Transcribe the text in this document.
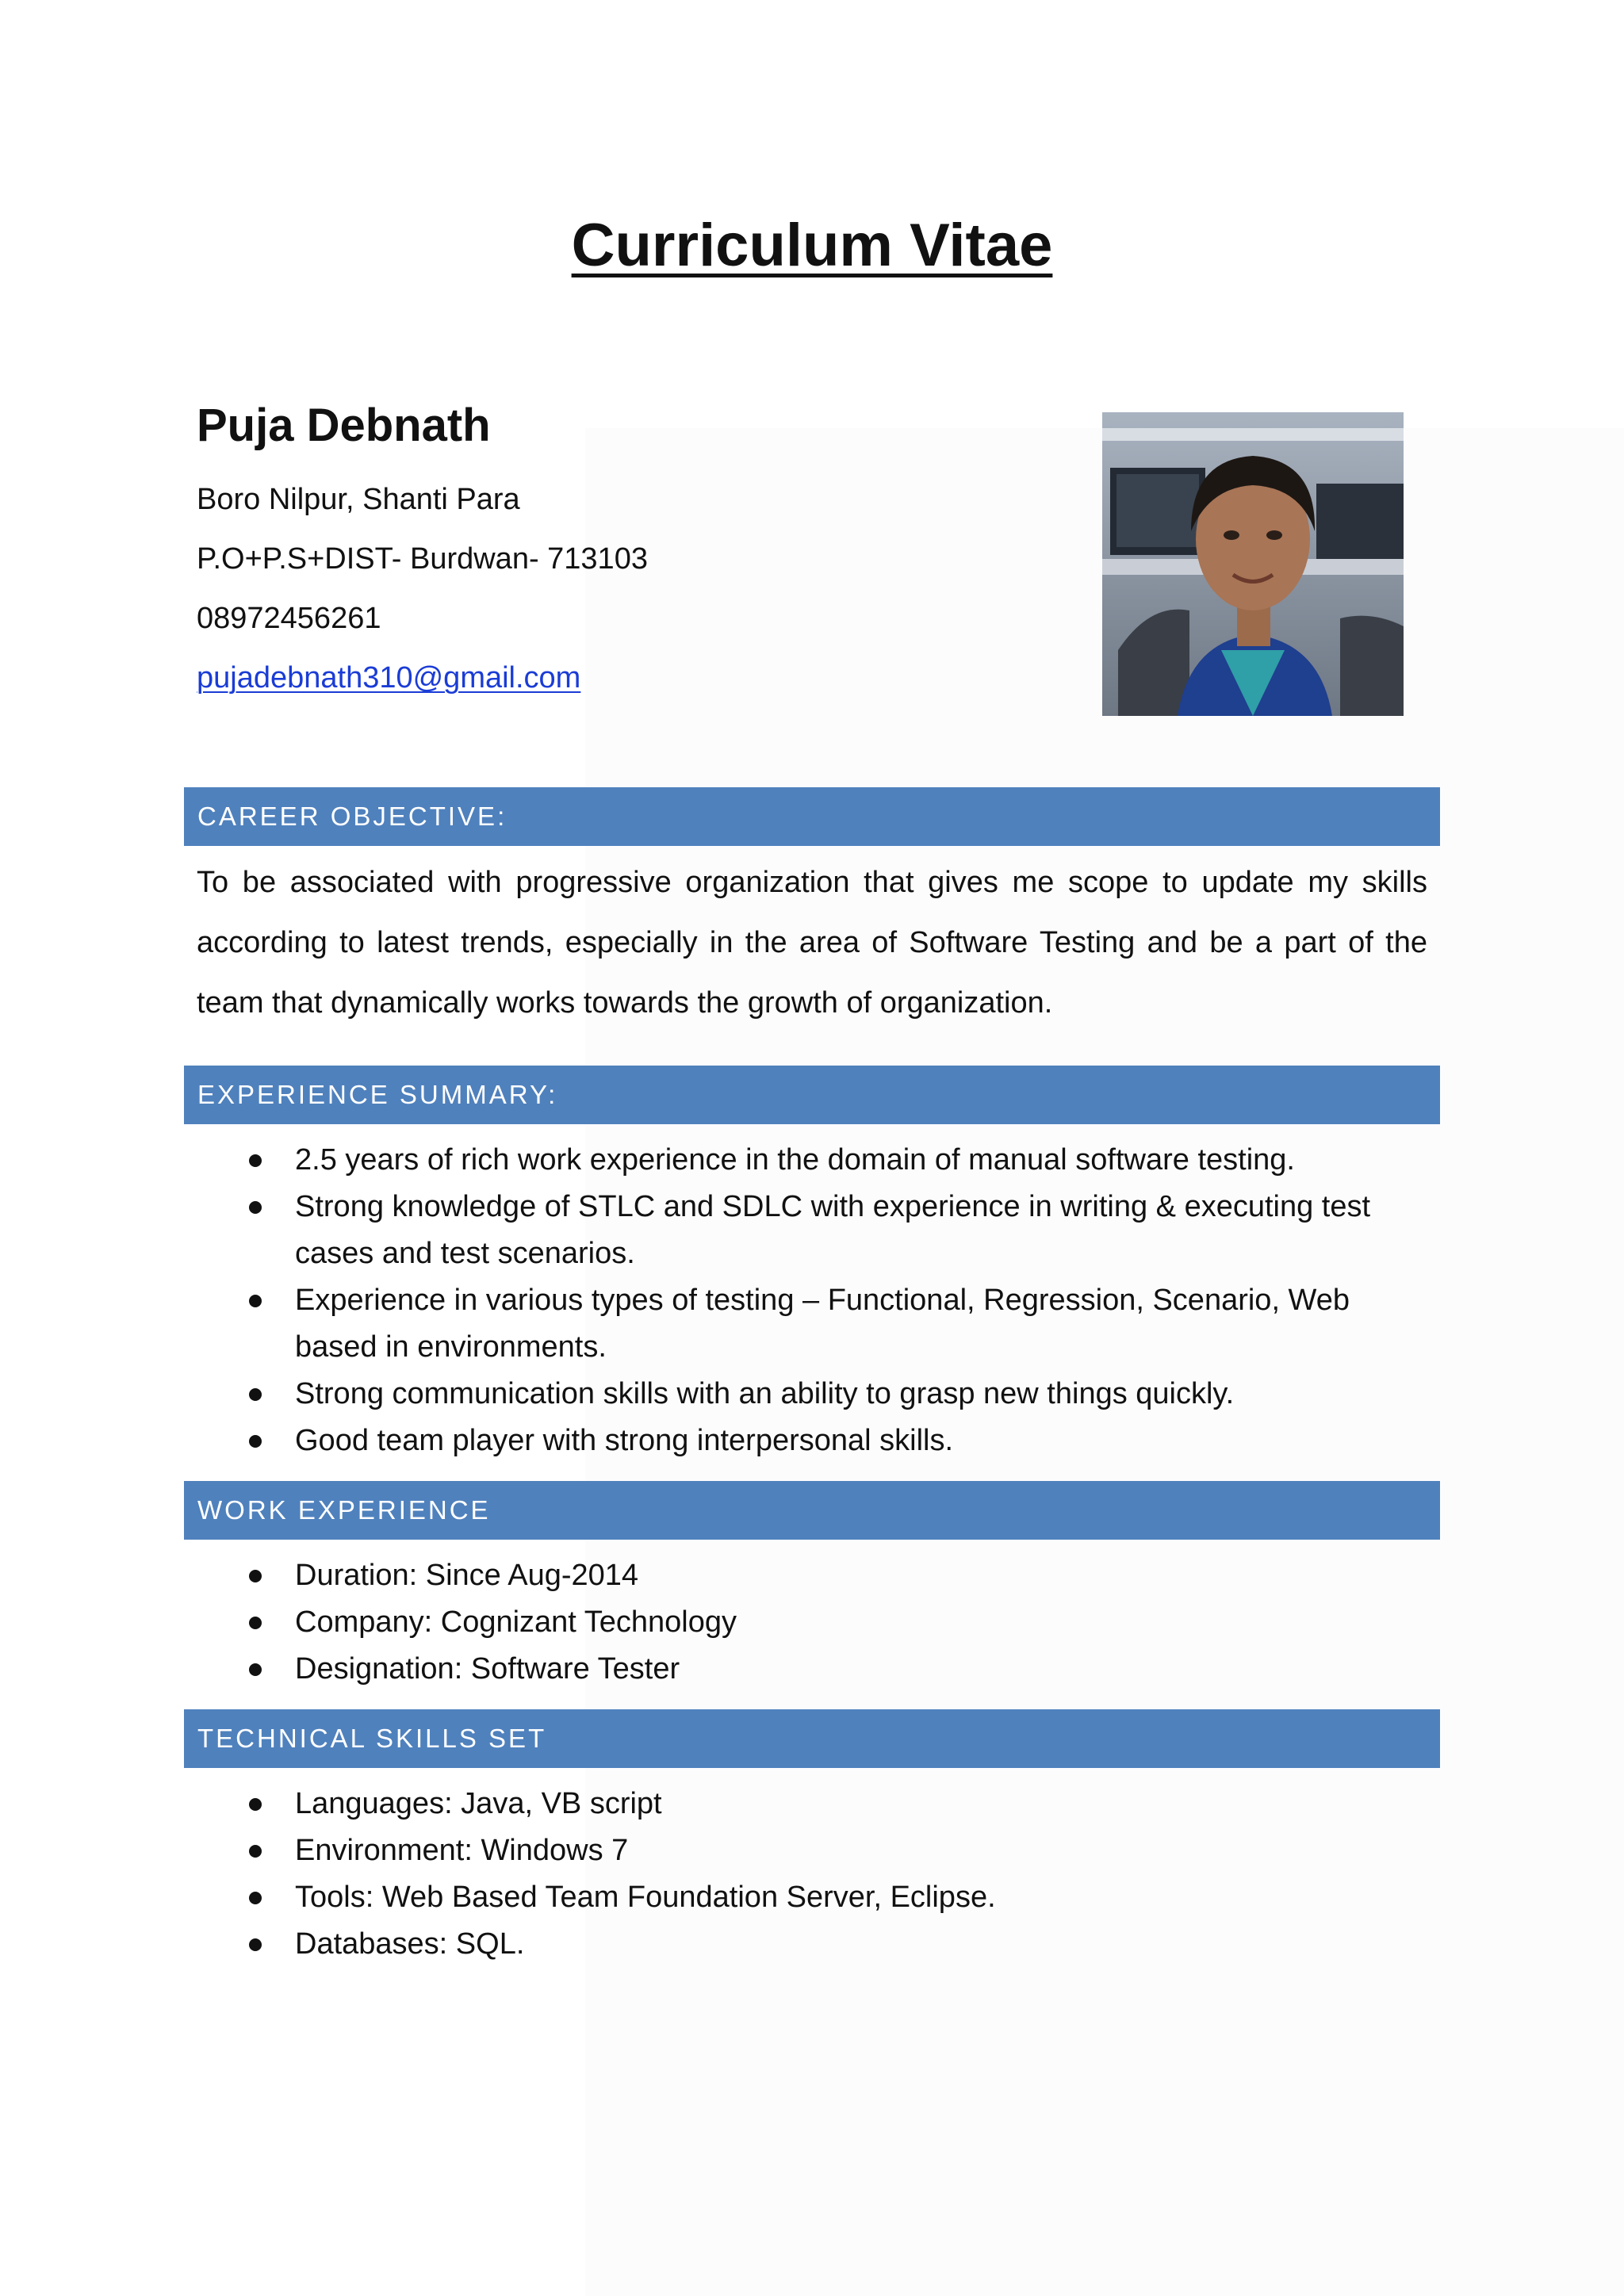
Curriculum Vitae
Puja Debnath
Boro Nilpur, Shanti Para
P.O+P.S+DIST- Burdwan- 713103
08972456261
pujadebnath310@gmail.com
CAREER OBJECTIVE:

To be associated with progressive organization that gives me scope to update my skills according to latest trends, especially in the area of Software Testing and be a part of the team that dynamically works towards the growth of organization.

EXPERIENCE SUMMARY:
2.5 years of rich work experience in the domain of manual software testing.
Strong knowledge of STLC and SDLC with experience in writing & executing test cases and test scenarios.
Experience in various types of testing – Functional, Regression, Scenario, Web based in environments.
Strong communication skills with an ability to grasp new things quickly.
Good team player with strong interpersonal skills.
WORK EXPERIENCE
Duration: Since Aug-2014
Company: Cognizant Technology
Designation: Software Tester
TECHNICAL SKILLS SET
Languages: Java, VB script
Environment: Windows 7
Tools: Web Based Team Foundation Server, Eclipse.
Databases: SQL.
